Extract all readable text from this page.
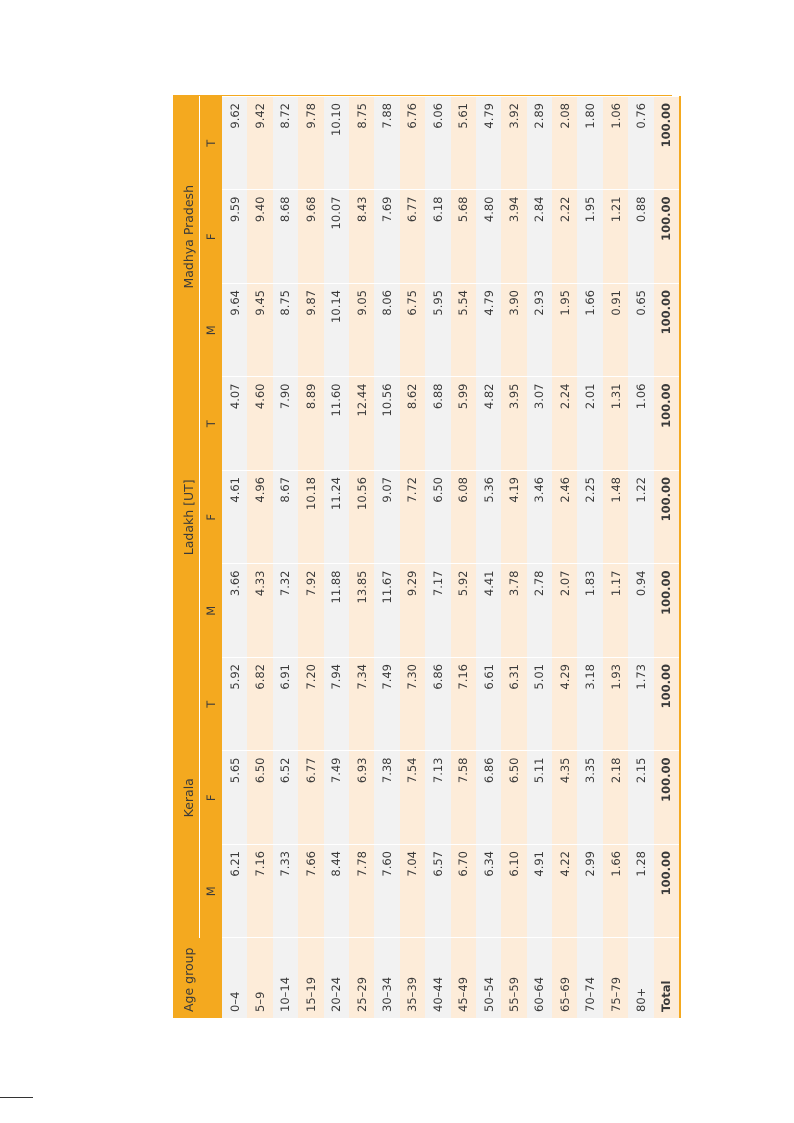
Age group	Kerala			Ladakh [UT]			Madhya Pradesh		
	M	F	T	M	F	T	M	F	T
0–4	6.21	5.65	5.92	3.66	4.61	4.07	9.64	9.59	9.62
5–9	7.16	6.50	6.82	4.33	4.96	4.60	9.45	9.40	9.42
10–14	7.33	6.52	6.91	7.32	8.67	7.90	8.75	8.68	8.72
15–19	7.66	6.77	7.20	7.92	10.18	8.89	9.87	9.68	9.78
20–24	8.44	7.49	7.94	11.88	11.24	11.60	10.14	10.07	10.10
25–29	7.78	6.93	7.34	13.85	10.56	12.44	9.05	8.43	8.75
30–34	7.60	7.38	7.49	11.67	9.07	10.56	8.06	7.69	7.88
35–39	7.04	7.54	7.30	9.29	7.72	8.62	6.75	6.77	6.76
40–44	6.57	7.13	6.86	7.17	6.50	6.88	5.95	6.18	6.06
45–49	6.70	7.58	7.16	5.92	6.08	5.99	5.54	5.68	5.61
50–54	6.34	6.86	6.61	4.41	5.36	4.82	4.79	4.80	4.79
55–59	6.10	6.50	6.31	3.78	4.19	3.95	3.90	3.94	3.92
60–64	4.91	5.11	5.01	2.78	3.46	3.07	2.93	2.84	2.89
65–69	4.22	4.35	4.29	2.07	2.46	2.24	1.95	2.22	2.08
70–74	2.99	3.35	3.18	1.83	2.25	2.01	1.66	1.95	1.80
75–79	1.66	2.18	1.93	1.17	1.48	1.31	0.91	1.21	1.06
80+	1.28	2.15	1.73	0.94	1.22	1.06	0.65	0.88	0.76
Total	100.00	100.00	100.00	100.00	100.00	100.00	100.00	100.00	100.00
